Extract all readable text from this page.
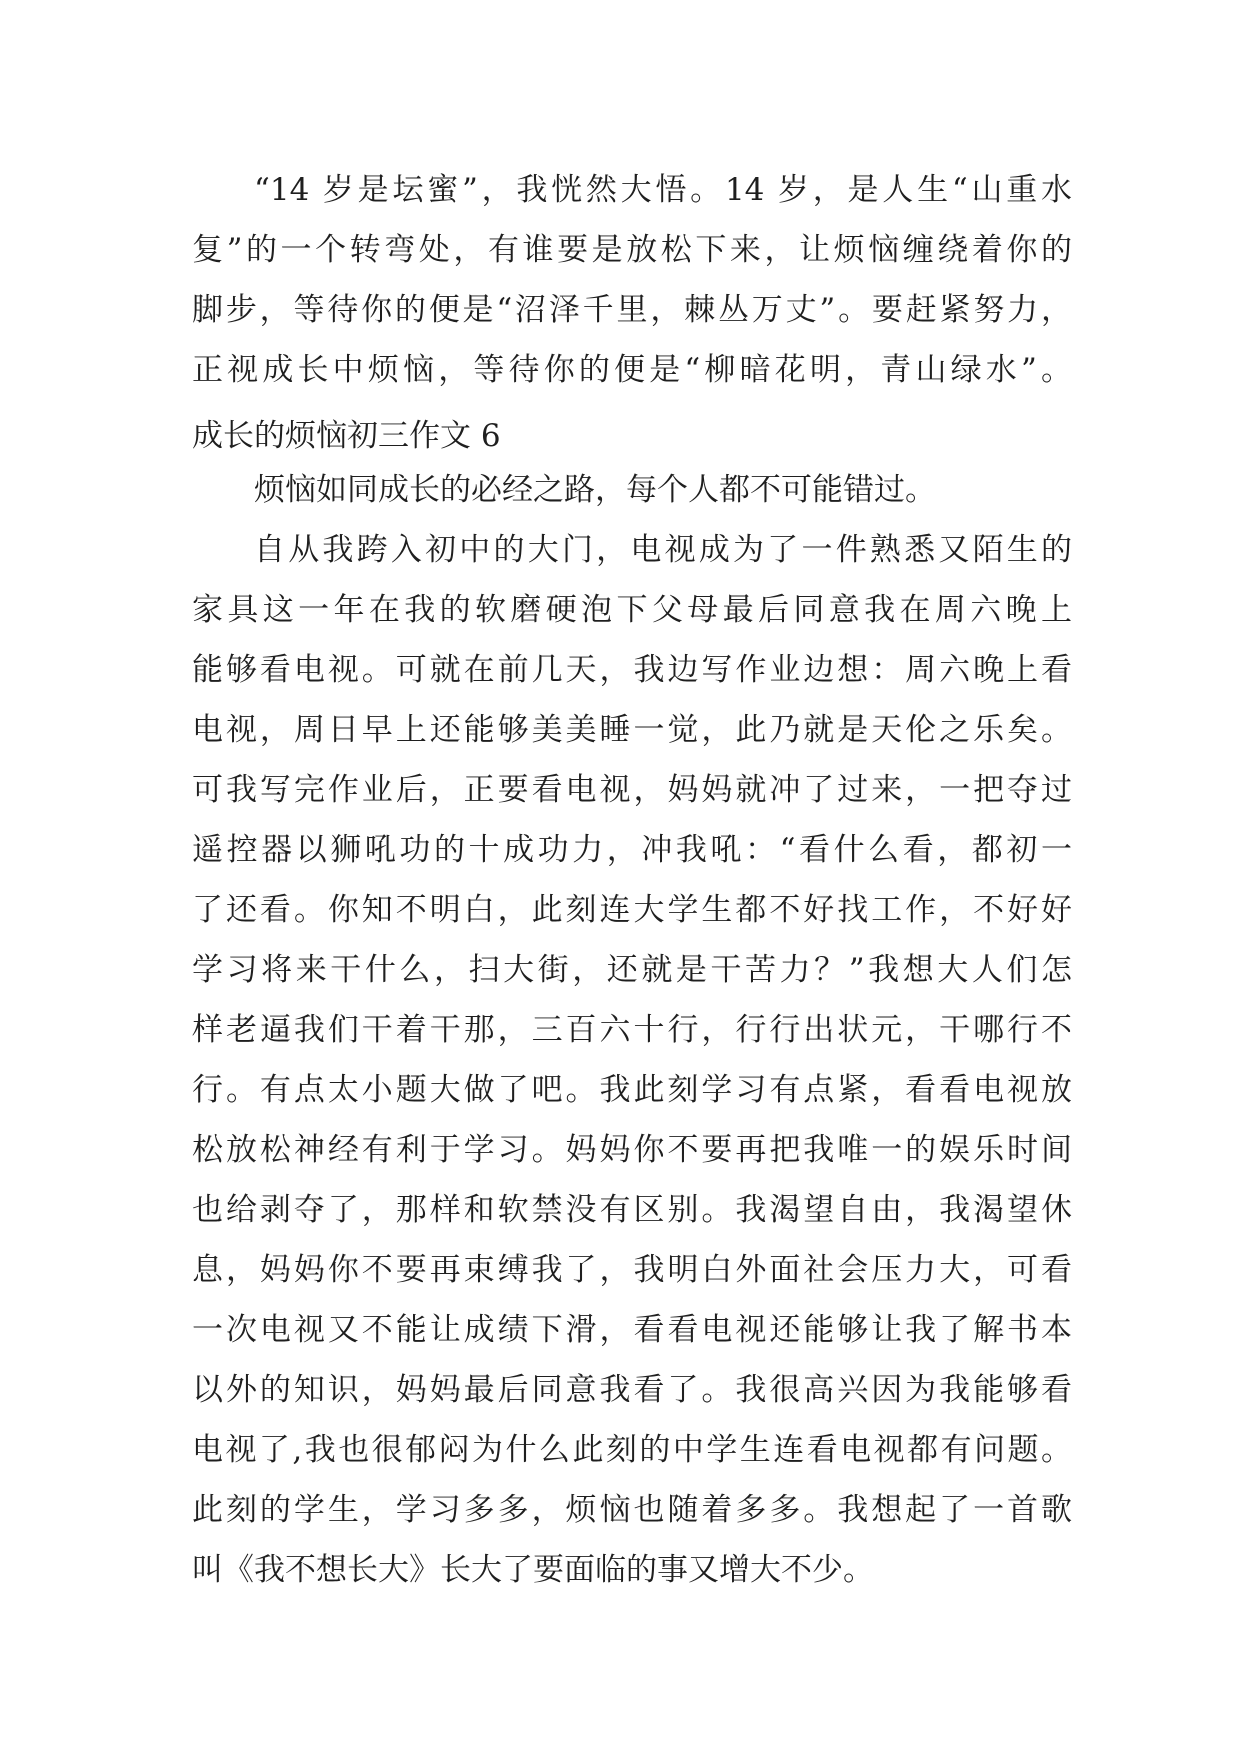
“14 岁是坛蜜”，我恍然大悟。14 岁，是人生“山重水
复”的一个转弯处，有谁要是放松下来，让烦恼缠绕着你的
脚步，等待你的便是“沼泽千里，棘丛万丈”。要赶紧努力，
正视成长中烦恼，等待你的便是“柳暗花明，青山绿水”。
成长的烦恼初三作文 6
烦恼如同成长的必经之路，每个人都不可能错过。
自从我跨入初中的大门，电视成为了一件熟悉又陌生的
家具这一年在我的软磨硬泡下父母最后同意我在周六晚上
能够看电视。可就在前几天，我边写作业边想：周六晚上看
电视，周日早上还能够美美睡一觉，此乃就是天伦之乐矣。
可我写完作业后，正要看电视，妈妈就冲了过来，一把夺过
遥控器以狮吼功的十成功力，冲我吼：“看什么看，都初一
了还看。你知不明白，此刻连大学生都不好找工作，不好好
学习将来干什么，扫大街，还就是干苦力？”我想大人们怎
样老逼我们干着干那，三百六十行，行行出状元，干哪行不
行。有点太小题大做了吧。我此刻学习有点紧，看看电视放
松放松神经有利于学习。妈妈你不要再把我唯一的娱乐时间
也给剥夺了，那样和软禁没有区别。我渴望自由，我渴望休
息，妈妈你不要再束缚我了，我明白外面社会压力大，可看
一次电视又不能让成绩下滑，看看电视还能够让我了解书本
以外的知识，妈妈最后同意我看了。我很高兴因为我能够看
电视了,我也很郁闷为什么此刻的中学生连看电视都有问题。
此刻的学生，学习多多，烦恼也随着多多。我想起了一首歌
叫《我不想长大》长大了要面临的事又增大不少。
